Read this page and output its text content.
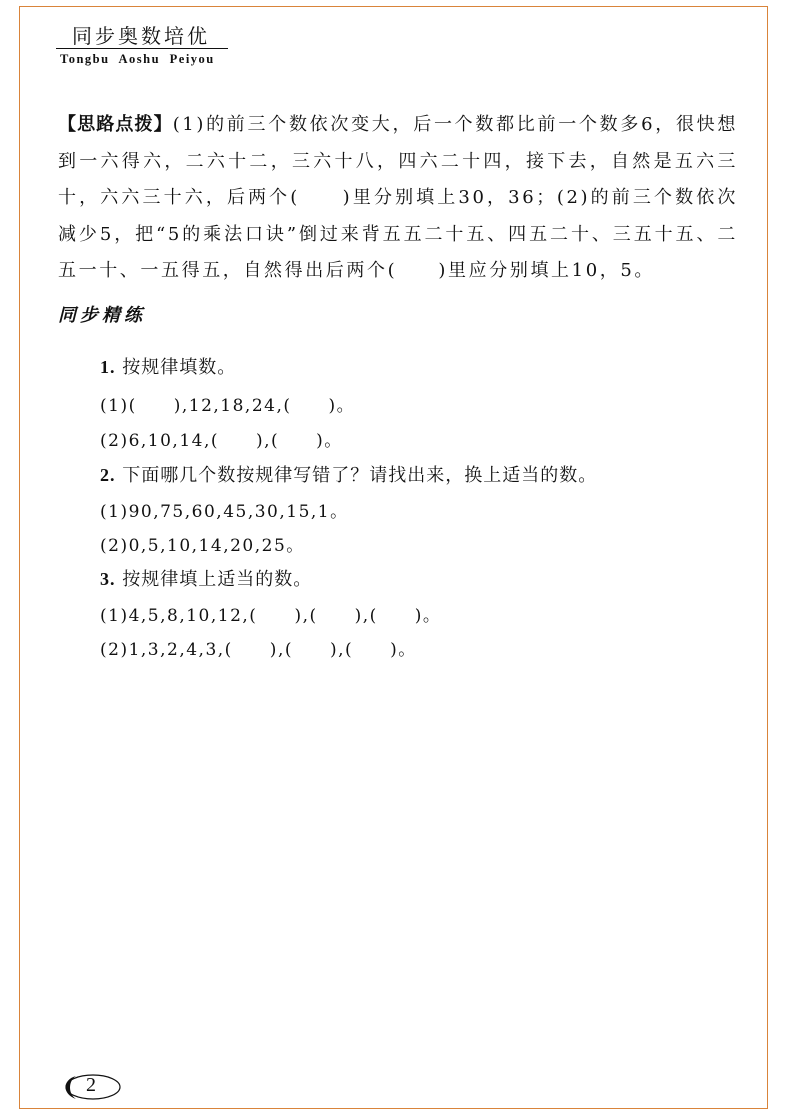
同步奥数培优
Tongbu Aoshu Peiyou
【思路点拨】(1)的前三个数依次变大，后一个数都比前一个数多6，很快想到一六得六，二六十二，三六十八，四六二十四，接下去，自然是五六三十，六六三十六，后两个(　　)里分别填上30，36；(2)的前三个数依次减少5，把“5的乘法口诀”倒过来背五五二十五、四五二十、三五十五、二五一十、一五得五，自然得出后两个(　　)里应分别填上10，5。
同步精练
1. 按规律填数。
(1)(　　),12,18,24,(　　)。
(2)6,10,14,(　　),(　　)。
2. 下面哪几个数按规律写错了？请找出来，换上适当的数。
(1)90,75,60,45,30,15,1。
(2)0,5,10,14,20,25。
3. 按规律填上适当的数。
(1)4,5,8,10,12,(　　),(　　),(　　)。
(2)1,3,2,4,3,(　　),(　　),(　　)。
2
